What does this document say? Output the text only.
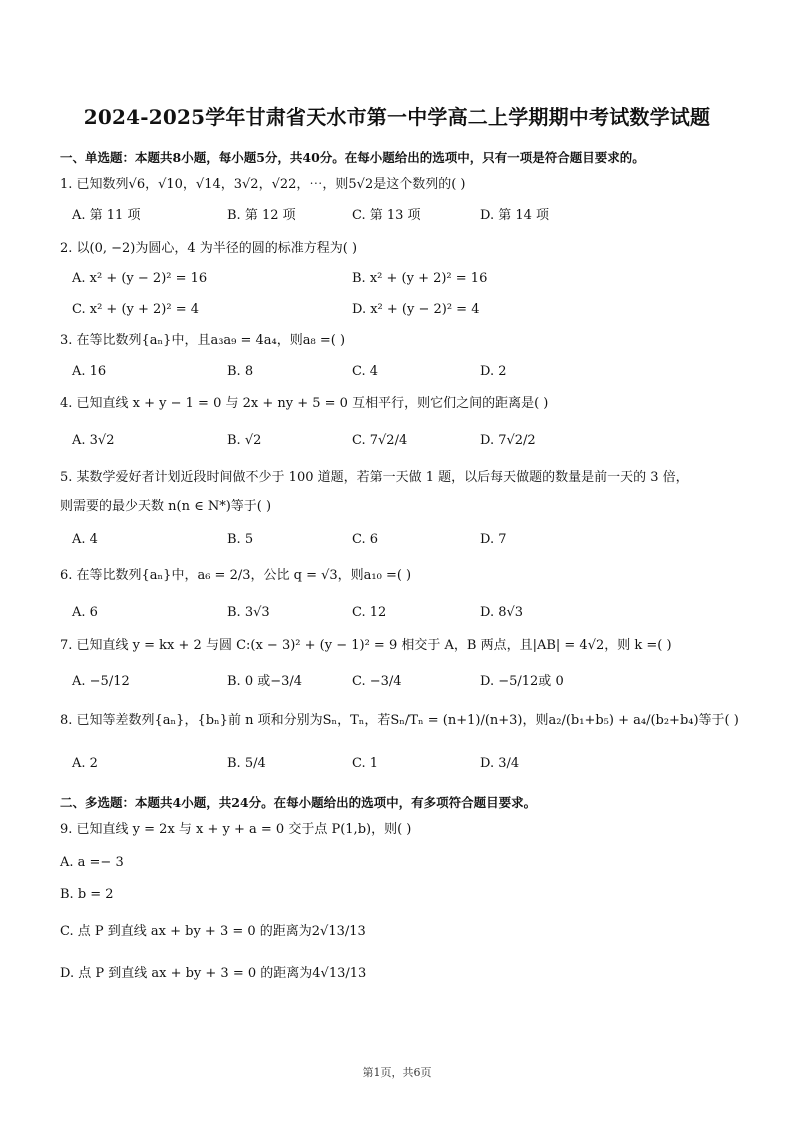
2024-2025学年甘肃省天水市第一中学高二上学期期中考试数学试题

一、单选题：本题共8小题，每小题5分，共40分。在每小题给出的选项中，只有一项是符合题目要求的。

1. 已知数列√6，√10，√14，3√2，√22，⋯，则5√2是这个数列的( )

A. 第 11 项	B. 第 12 项	C. 第 13 项	D. 第 14 项

2. 以(0, −2)为圆心，4 为半径的圆的标准方程为( )

A. x² + (y − 2)² = 16	B. x² + (y + 2)² = 16
C. x² + (y + 2)² = 4	D. x² + (y − 2)² = 4

3. 在等比数列{aₙ}中，且a₃a₉ = 4a₄，则a₈ =( )

A. 16	B. 8	C. 4	D. 2

4. 已知直线 x + y − 1 = 0 与 2x + ny + 5 = 0 互相平行，则它们之间的距离是( )

A. 3√2	B. √2	C. 7√2/4	D. 7√2/2

5. 某数学爱好者计划近段时间做不少于 100 道题，若第一天做 1 题，以后每天做题的数量是前一天的 3 倍，

则需要的最少天数 n(n ∈ N*)等于( )

A. 4	B. 5	C. 6	D. 7

6. 在等比数列{aₙ}中，a₆ = 2/3，公比 q = √3，则a₁₀ =( )

A. 6	B. 3√3	C. 12	D. 8√3

7. 已知直线 y = kx + 2 与圆 C:(x − 3)² + (y − 1)² = 9 相交于 A，B 两点，且|AB| = 4√2，则 k =( )

A. −5/12	B. 0 或−3/4	C. −3/4	D. −5/12或 0

8. 已知等差数列{aₙ}，{bₙ}前 n 项和分别为Sₙ，Tₙ，若Sₙ/Tₙ = (n+1)/(n+3)，则a₂/(b₁+b₅) + a₄/(b₂+b₄)等于( )

A. 2	B. 5/4	C. 1	D. 3/4

二、多选题：本题共4小题，共24分。在每小题给出的选项中，有多项符合题目要求。

9. 已知直线 y = 2x 与 x + y + a = 0 交于点 P(1,b)，则( )

A. a =− 3

B. b = 2

C. 点 P 到直线 ax + by + 3 = 0 的距离为2√13/13

D. 点 P 到直线 ax + by + 3 = 0 的距离为4√13/13

第1页，共6页
